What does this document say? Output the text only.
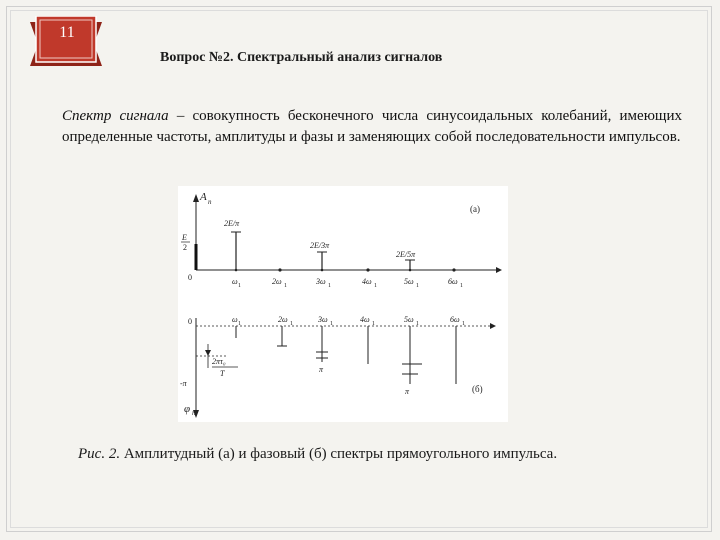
11
Вопрос №2. Спектральный анализ сигналов
Спектр сигнала – совокупность бесконечного числа синусоидальных колебаний, имеющих определенные частоты, амплитуды и фазы и заменяющих собой последовательности импульсов.
A n
(а)
E
2
0
2E/π
2E/3π
2E/5π
ω 1	2ω 1	3ω 1	4ω 1	5ω 1	6ω 1
0
φ n
ω 1	2ω 1	3ω 1	4ω 1	5ω 1	6ω 1
π
π
2πτ₀
T
-π
(б)
Рис. 2. Амплитудный (а) и фазовый (б) спектры прямоугольного импульса.
